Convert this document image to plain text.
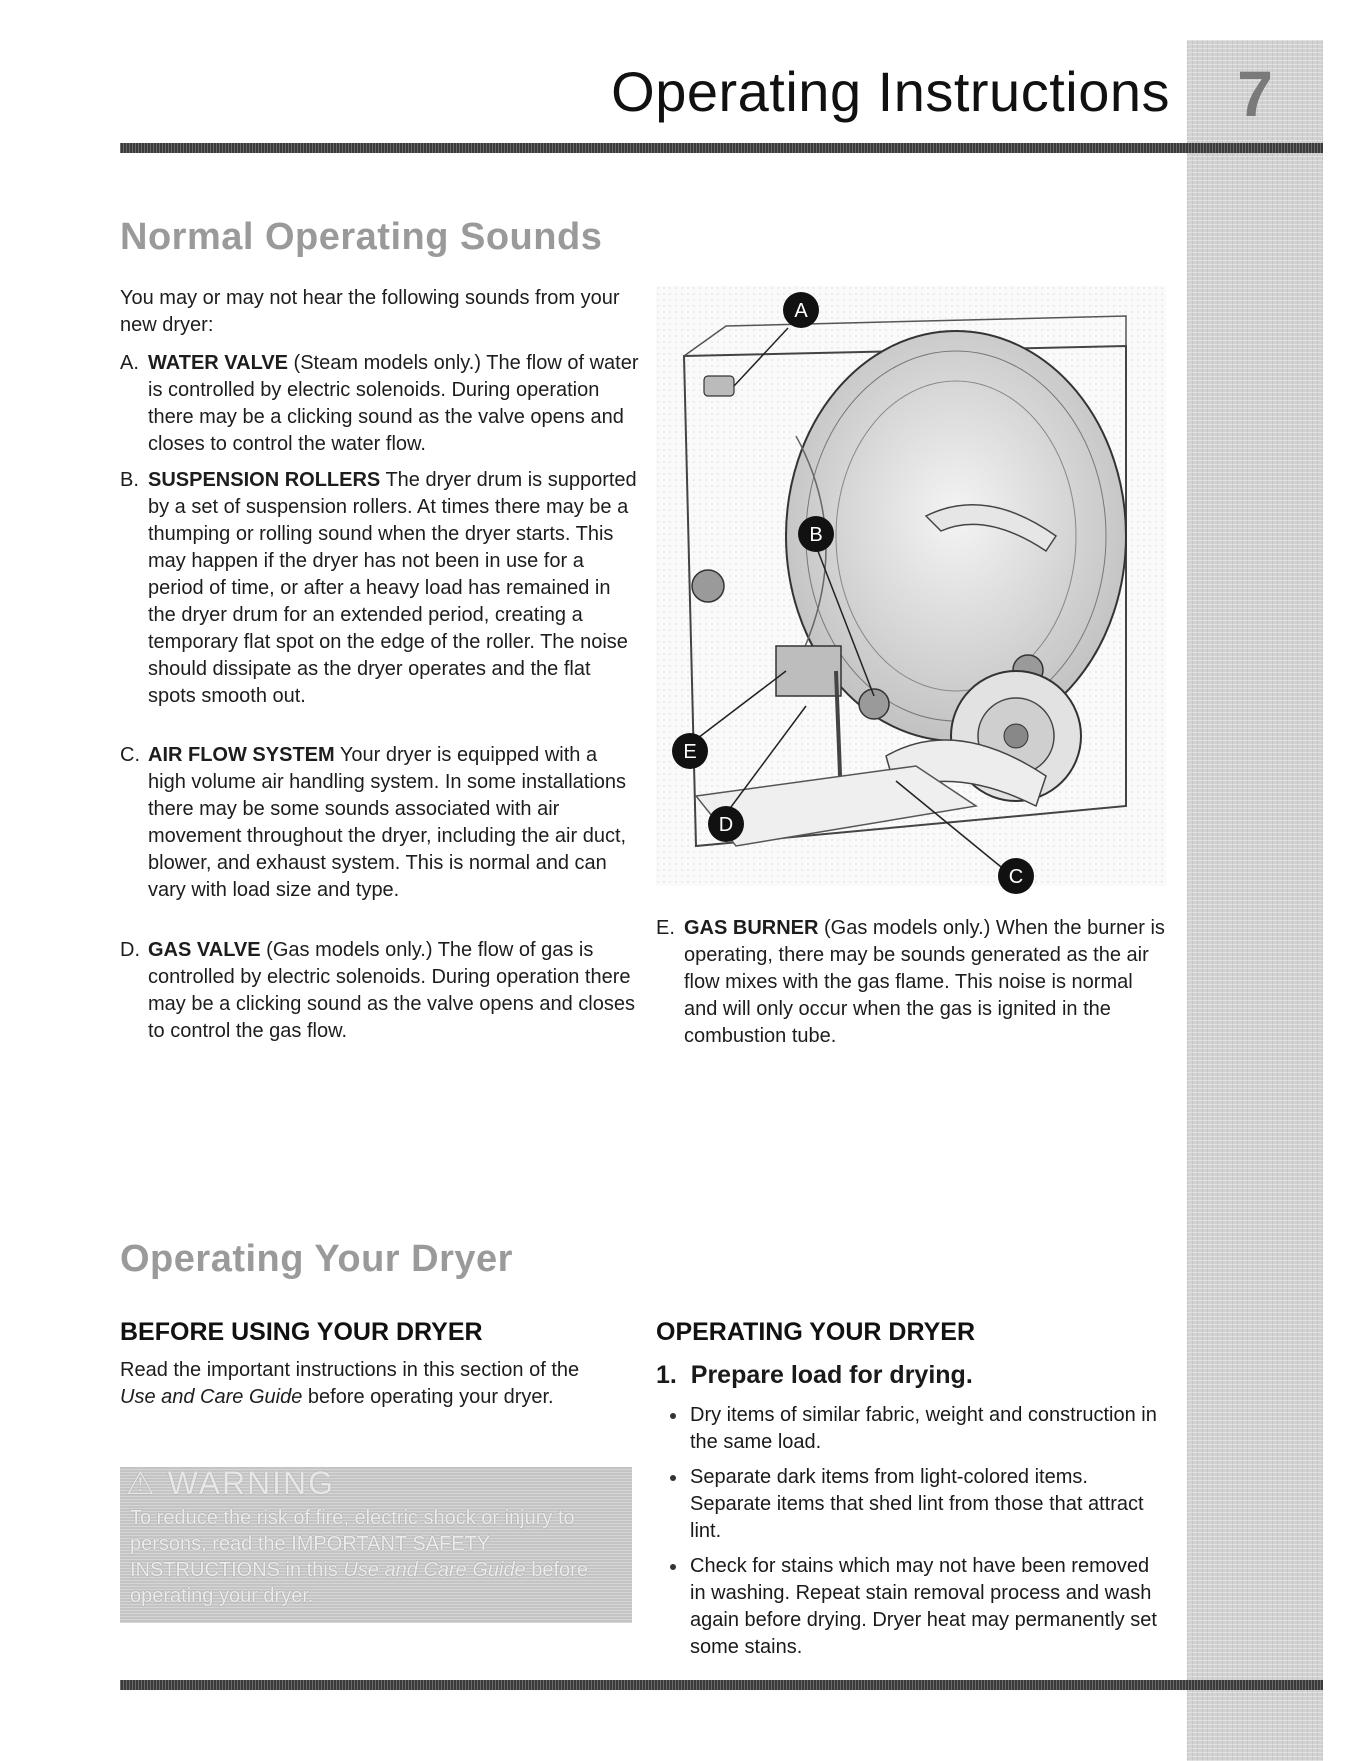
7
Operating Instructions
Normal Operating Sounds
You may or may not hear the following sounds from your new dryer:
A. WATER VALVE (Steam models only.) The flow of water is controlled by electric solenoids. During operation there may be a clicking sound as the valve opens and closes to control the water flow.
B. SUSPENSION ROLLERS The dryer drum is supported by a set of suspension rollers. At times there may be a thumping or rolling sound when the dryer starts. This may happen if the dryer has not been in use for a period of time, or after a heavy load has remained in the dryer drum for an extended period, creating a temporary flat spot on the edge of the roller. The noise should dissipate as the dryer operates and the flat spots smooth out.
C. AIR FLOW SYSTEM Your dryer is equipped with a high volume air handling system. In some installations there may be some sounds associated with air movement throughout the dryer, including the air duct, blower, and exhaust system. This is normal and can vary with load size and type.
D. GAS VALVE (Gas models only.) The flow of gas is controlled by electric solenoids. During operation there may be a clicking sound as the valve opens and closes to control the gas flow.
E. GAS BURNER (Gas models only.) When the burner is operating, there may be sounds generated as the air flow mixes with the gas flame. This noise is normal and will only occur when the gas is ignited in the combustion tube.
A
B
C
D
E
Operating Your Dryer
BEFORE USING YOUR DRYER
Read the important instructions in this section of the Use and Care Guide before operating your dryer.
⚠ WARNING
To reduce the risk of fire, electric shock or injury to persons, read the IMPORTANT SAFETY INSTRUCTIONS in this Use and Care Guide before operating your dryer.
OPERATING YOUR DRYER
1. Prepare load for drying.
Dry items of similar fabric, weight and construction in the same load.
Separate dark items from light-colored items. Separate items that shed lint from those that attract lint.
Check for stains which may not have been removed in washing. Repeat stain removal process and wash again before drying. Dryer heat may permanently set some stains.
